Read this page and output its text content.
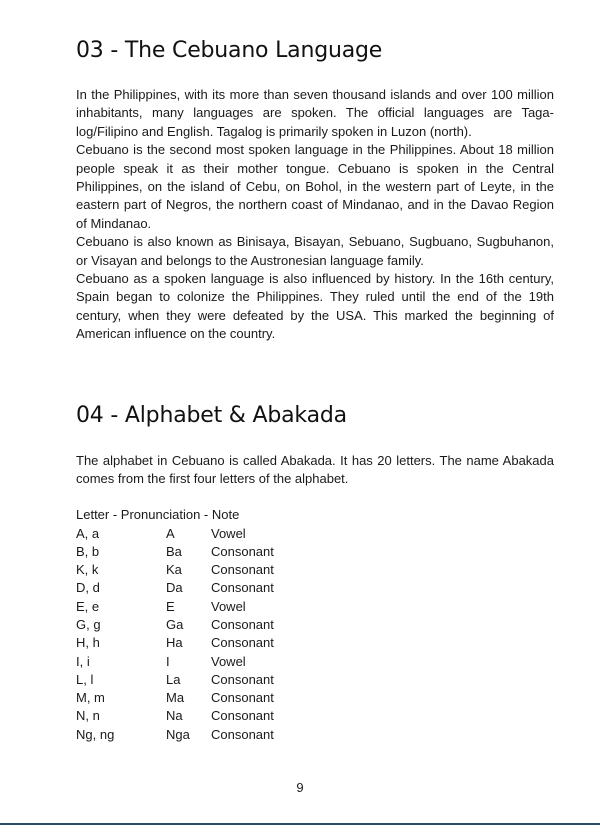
03 - The Cebuano Language

In the Philippines, with its more than seven thousand islands and over 100 million inhabitants, many languages are spoken. The official languages are Tagalog/Filipino and English. Tagalog is primarily spoken in Luzon (north).

Cebuano is the second most spoken language in the Philippines. About 18 million people speak it as their mother tongue. Cebuano is spoken in the Central Philippines, on the island of Cebu, on Bohol, in the western part of Leyte, in the eastern part of Negros, the northern coast of Mindanao, and in the Davao Region of Mindanao.

Cebuano is also known as Binisaya, Bisayan, Sebuano, Sugbuano, Sugbuhanon, or Visayan and belongs to the Austronesian language family.

Cebuano as a spoken language is also influenced by history. In the 16th century, Spain began to colonize the Philippines. They ruled until the end of the 19th century, when they were defeated by the USA. This marked the beginning of American influence on the country.

04 - Alphabet & Abakada

The alphabet in Cebuano is called Abakada. It has 20 letters. The name Abakada comes from the first four letters of the alphabet.

Letter - Pronunciation - Note

A, a	A	Vowel
B, b	Ba	Consonant
K, k	Ka	Consonant
D, d	Da	Consonant
E, e	E	Vowel
G, g	Ga	Consonant
H, h	Ha	Consonant
I, i	I	Vowel
L, l	La	Consonant
M, m	Ma	Consonant
N, n	Na	Consonant
Ng, ng	Nga	Consonant

9
